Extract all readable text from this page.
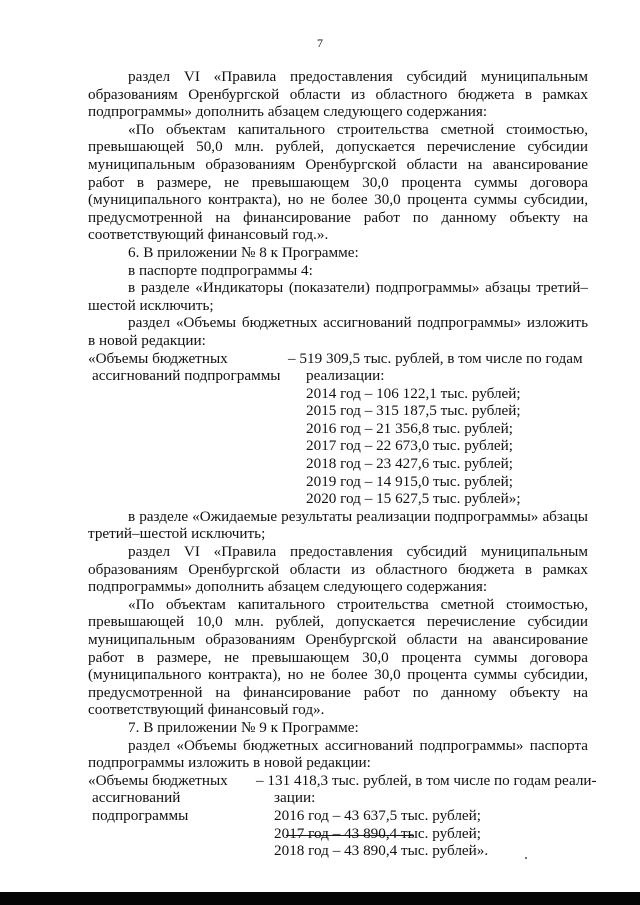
7

раздел VI «Правила предоставления субсидий муниципальным образованиям Оренбургской области из областного бюджета в рамках подпрограммы» дополнить абзацем следующего содержания:

«По объектам капитального строительства сметной стоимостью, превышающей 50,0 млн. рублей, допускается перечисление субсидии муниципальным образованиям Оренбургской области на авансирование работ в размере, не превышающем 30,0 процента суммы договора (муниципального контракта), но не более 30,0 процента суммы субсидии, предусмотренной на финансирование работ по данному объекту на соответствующий финансовый год.».

6. В приложении № 8 к Программе:

в паспорте подпрограммы 4:

в разделе «Индикаторы (показатели) подпрограммы» абзацы третий–шестой исключить;

раздел «Объемы бюджетных ассигнований подпрограммы» изложить в новой редакции:

«Объемы бюджетных
ассигнований подпрограммы
– 519 309,5 тыс. рублей, в том числе по годам
реализации:
2014 год – 106 122,1 тыс. рублей;
2015 год – 315 187,5 тыс. рублей;
2016 год – 21 356,8 тыс. рублей;
2017 год – 22 673,0 тыс. рублей;
2018 год – 23 427,6 тыс. рублей;
2019 год – 14 915,0 тыс. рублей;
2020 год – 15 627,5 тыс. рублей»;

в разделе «Ожидаемые результаты реализации подпрограммы» абзацы третий–шестой исключить;

раздел VI «Правила предоставления субсидий муниципальным образованиям Оренбургской области из областного бюджета в рамках подпрограммы» дополнить абзацем следующего содержания:

«По объектам капитального строительства сметной стоимостью, превышающей 10,0 млн. рублей, допускается перечисление субсидии муниципальным образованиям Оренбургской области на авансирование работ в размере, не превышающем 30,0 процента суммы договора (муниципального контракта), но не более 30,0 процента суммы субсидии, предусмотренной на финансирование работ по данному объекту на соответствующий финансовый год».

7. В приложении № 9 к Программе:

раздел «Объемы бюджетных ассигнований подпрограммы» паспорта подпрограммы изложить в новой редакции:

«Объемы бюджетных
ассигнований
подпрограммы
– 131 418,3 тыс. рублей, в том числе по годам реали-
зации:
2016 год – 43 637,5 тыс. рублей;
2017 год – 43 890,4 тыс. рублей;
2018 год – 43 890,4 тыс. рублей».
